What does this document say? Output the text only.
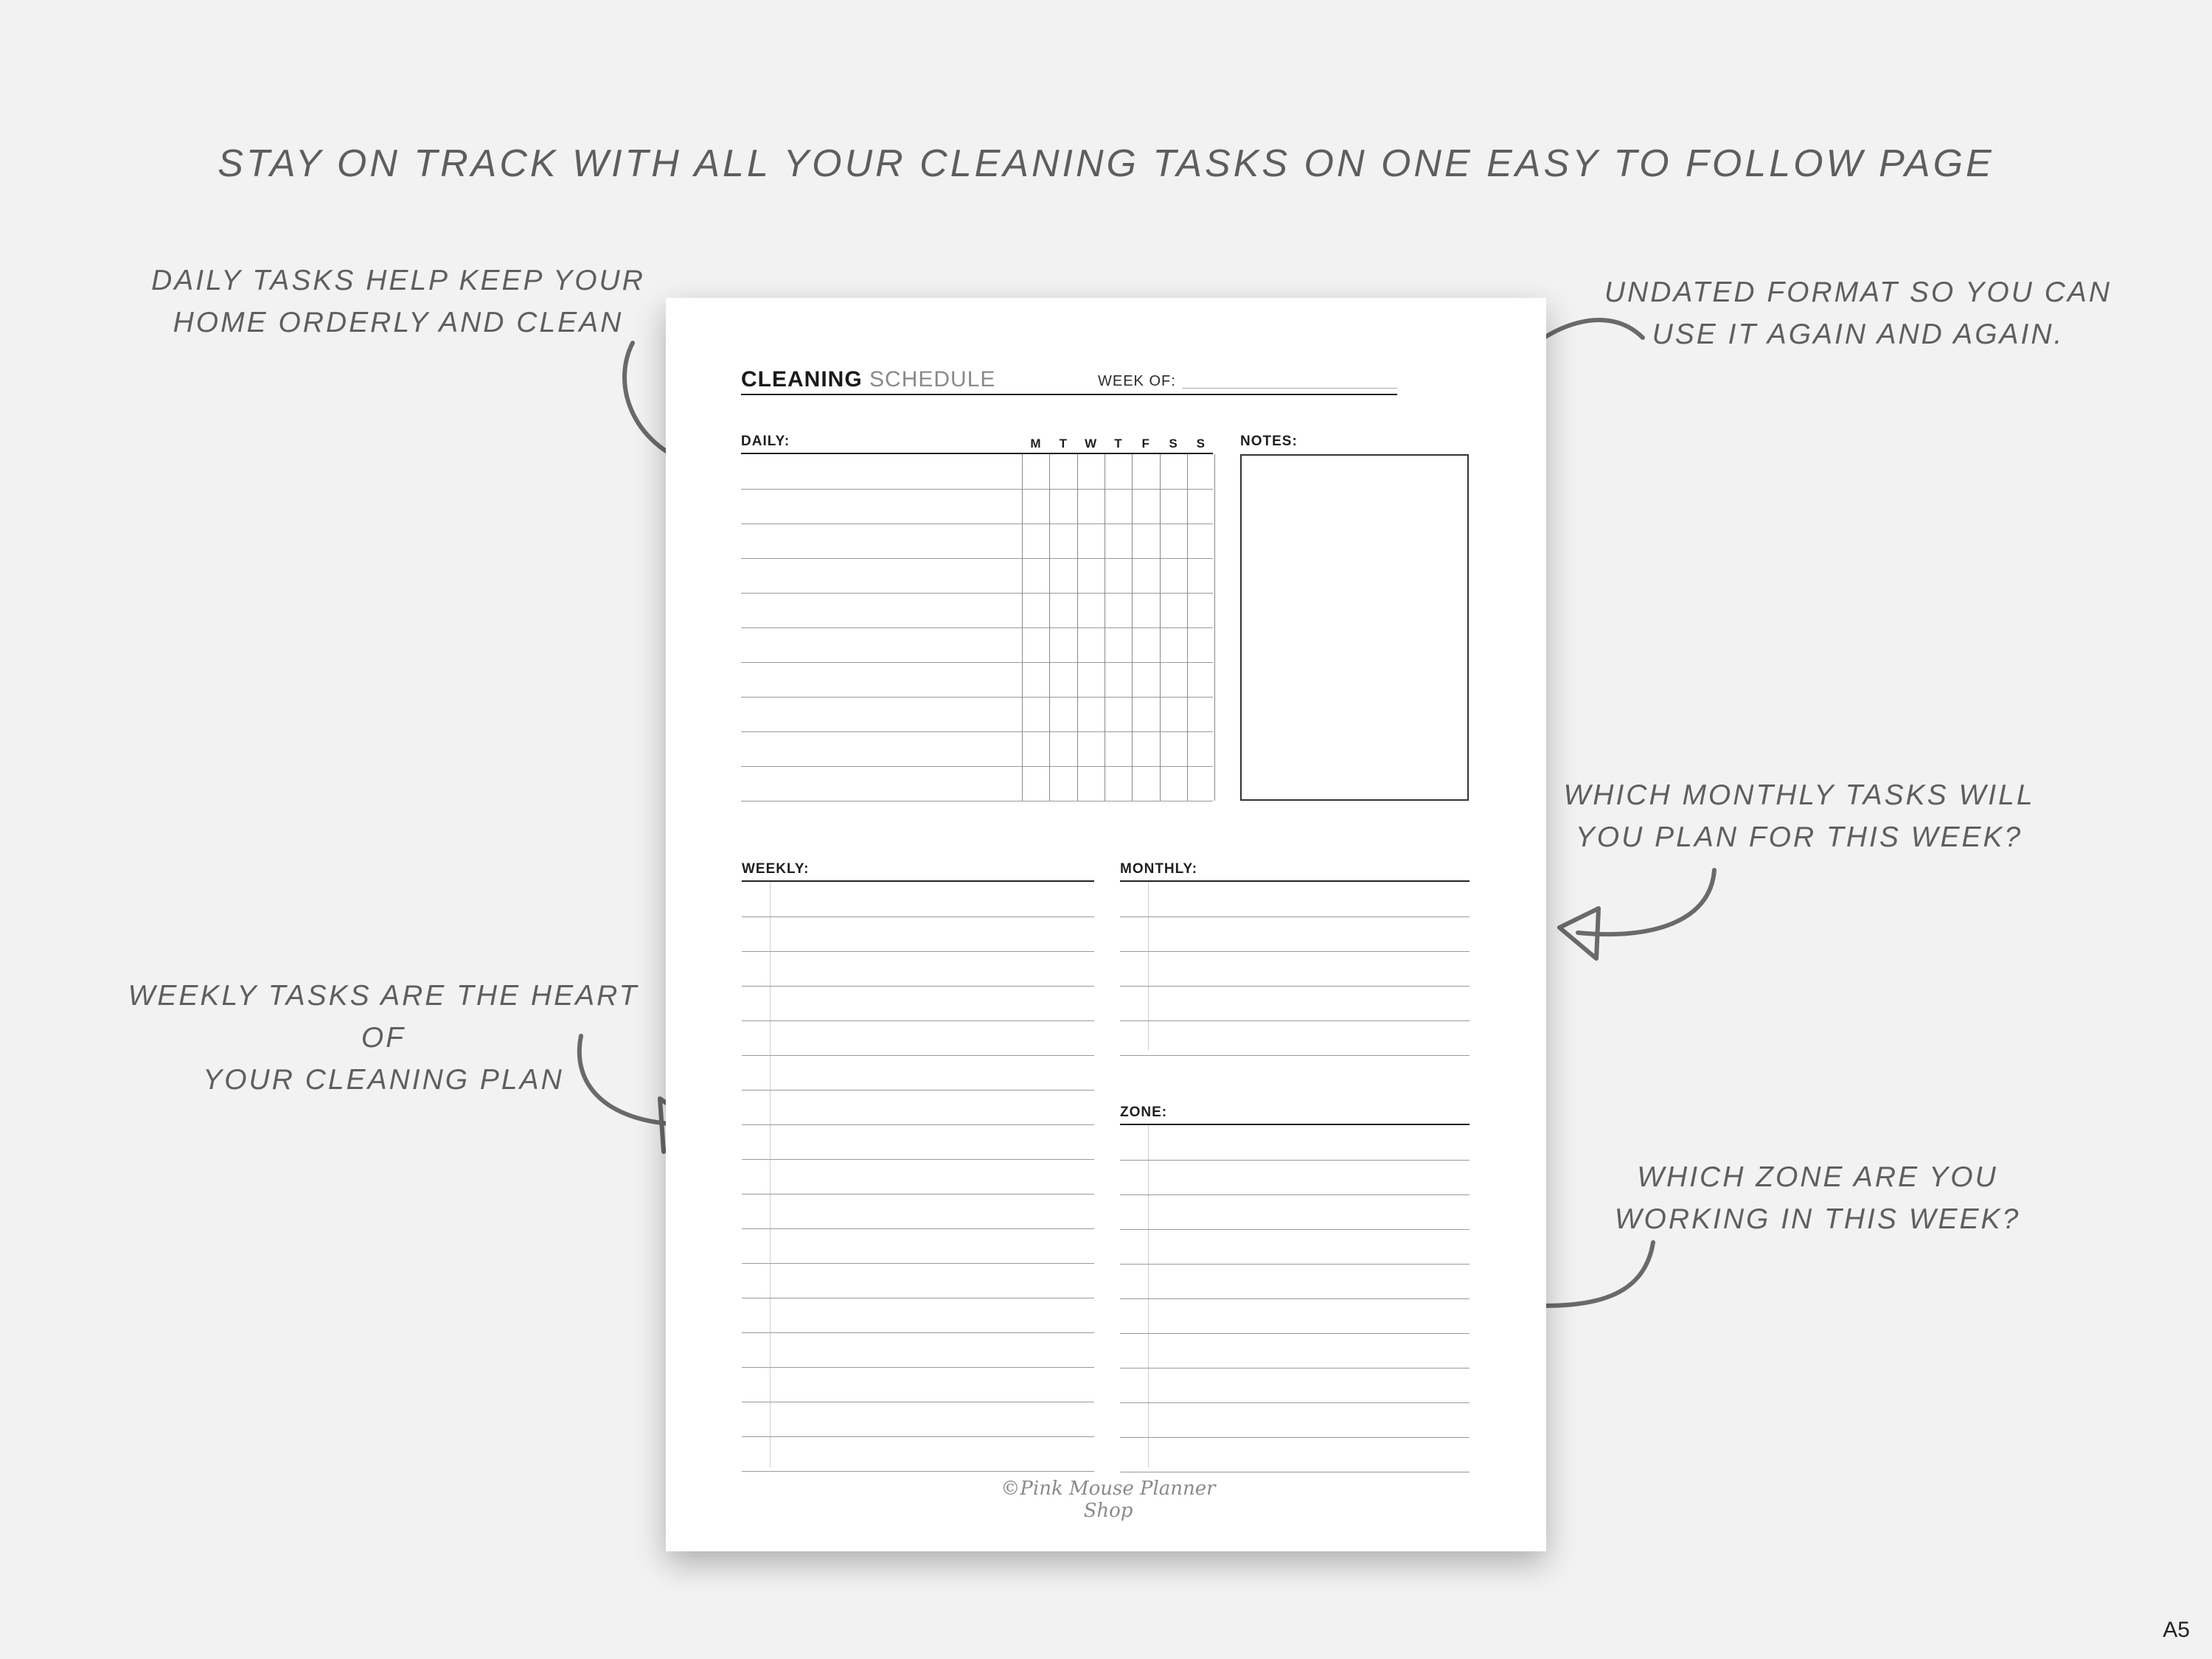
STAY ON TRACK WITH ALL YOUR CLEANING TASKS ON ONE EASY TO FOLLOW PAGE
DAILY TASKS HELP KEEP YOUR
HOME ORDERLY AND CLEAN
UNDATED FORMAT SO YOU CAN
USE IT AGAIN AND AGAIN.
WHICH MONTHLY TASKS WILL
YOU PLAN FOR THIS WEEK?
WEEKLY TASKS ARE THE HEART OF
YOUR CLEANING PLAN
WHICH ZONE ARE YOU
WORKING IN THIS WEEK?
CLEANING SCHEDULE	WEEK OF:
DAILY:	NOTES:
WEEKLY:	MONTHLY:
ZONE:
©Pink Mouse Planner Shop
M	T	W	T	F	S	S
A5
